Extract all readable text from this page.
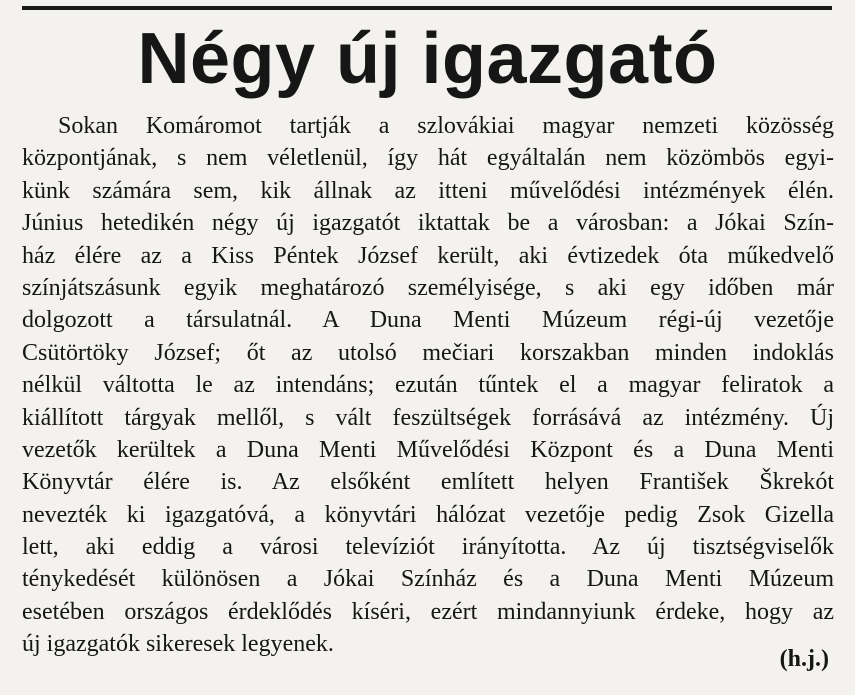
Négy új igazgató
Sokan Komáromot tartják a szlovákiai magyar nemzeti közösség
központjának, s nem véletlenül, így hát egyáltalán nem közömbös egyi-
künk számára sem, kik állnak az itteni művelődési intézmények élén.
Június hetedikén négy új igazgatót iktattak be a városban: a Jókai Szín-
ház élére az a Kiss Péntek József került, aki évtizedek óta műkedvelő
színjátszásunk egyik meghatározó személyisége, s aki egy időben már
dolgozott a társulatnál. A Duna Menti Múzeum régi-új vezetője
Csütörtöky József; őt az utolsó mečiari korszakban minden indoklás
nélkül váltotta le az intendáns; ezután tűntek el a magyar feliratok a
kiállított tárgyak mellől, s vált feszültségek forrásává az intézmény. Új
vezetők kerültek a Duna Menti Művelődési Központ és a Duna Menti
Könyvtár élére is. Az elsőként említett helyen František Škrekót
nevezték ki igazgatóvá, a könyvtári hálózat vezetője pedig Zsok Gizella
lett, aki eddig a városi televíziót irányította. Az új tisztségviselők
ténykedését különösen a Jókai Színház és a Duna Menti Múzeum
esetében országos érdeklődés kíséri, ezért mindannyiunk érdeke, hogy az
új igazgatók sikeresek legyenek.
(h.j.)
